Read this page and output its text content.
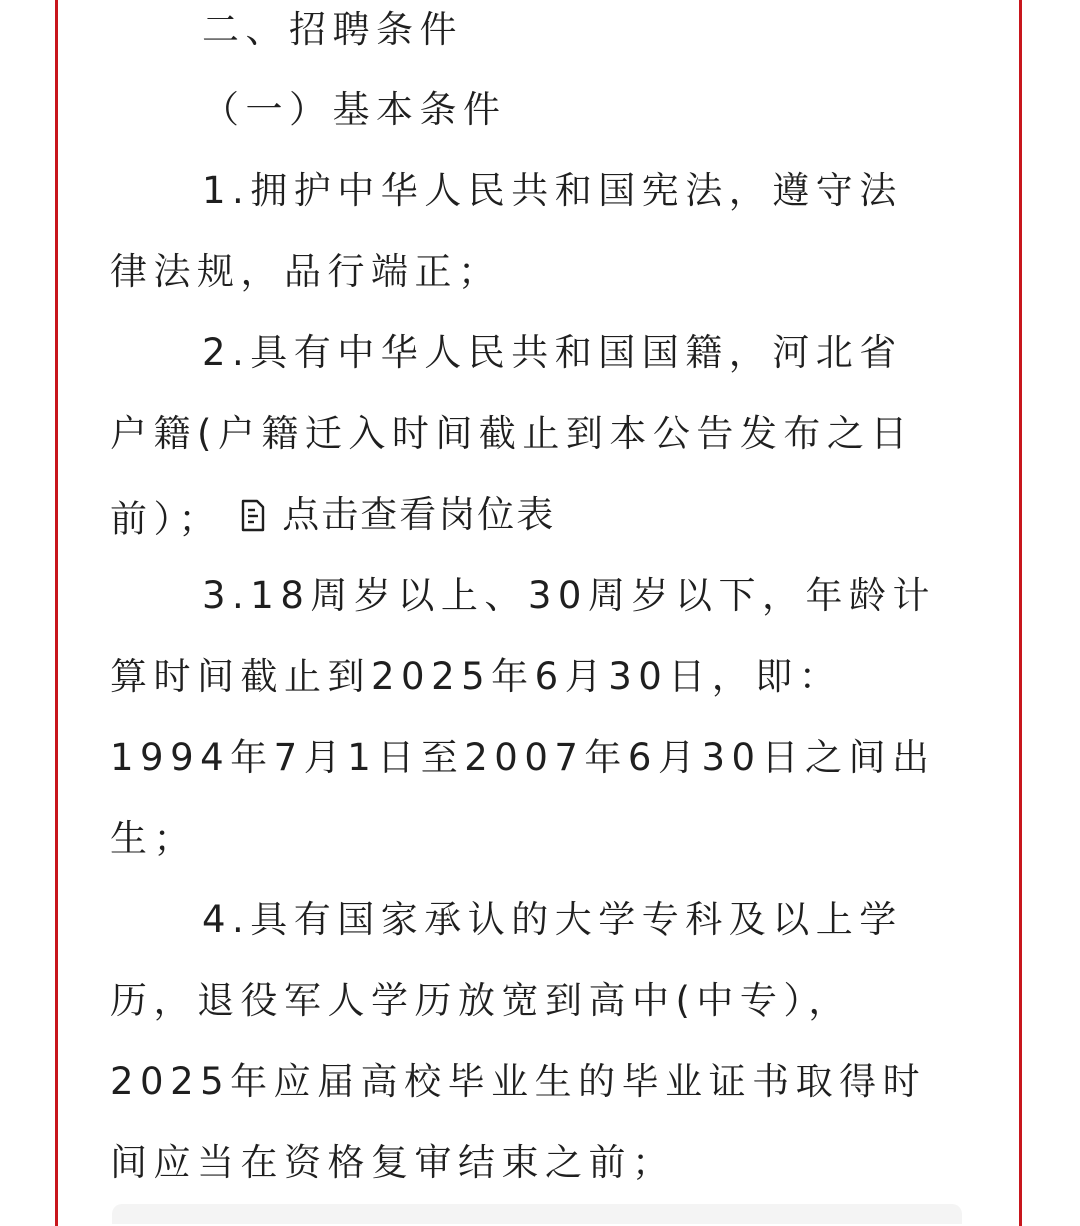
二、招聘条件
（一）基本条件
1.拥护中华人民共和国宪法，遵守法
律法规，品行端正；
2.具有中华人民共和国国籍，河北省
户籍(户籍迁入时间截止到本公告发布之日
前）； 点击查看岗位表
3.18周岁以上、30周岁以下，年龄计
算时间截止到2025年6月30日，即：
1994年7月1日至2007年6月30日之间出
生；
4.具有国家承认的大学专科及以上学
历，退役军人学历放宽到高中(中专），
2025年应届高校毕业生的毕业证书取得时
间应当在资格复审结束之前；
